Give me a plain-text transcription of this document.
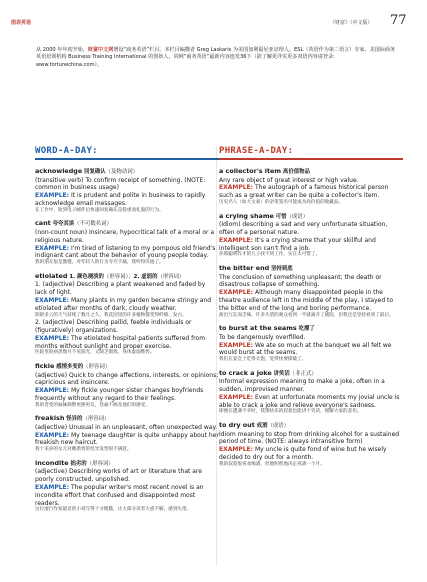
图表英语	《财富》（中文版） 77
从 2000 年年初开始，财富中文网增设“商务英语”栏目。本栏目编撰者 Greg Laskaris 为美国加利福尼亚证理人、ESL（英语作为第二语言）专家、美国际商务英语培训机构 Business Training International 的创始人。同网“商务英语”最新内容连发36下（欲了解更详实更多双语内容请登录: www.fortunechina.com）。
WORD-A-DAY:
acknowledge 回复确认（及物动词）
(transitive verb) To confirm receipt of something. (NOTE: common in business usage)
EXAMPLE: It is prudent and polite in business to rapidly acknowledge email messages.
在工作中，收到电子邮件后快速回复确认是稳重而礼貌的行为。
cant 夸夸其谈（不可数名词）
(non-count noun) Insincere, hypocritical talk of a moral or a religious nature.
EXAMPLE: I'm tired of listening to my pompous old friend's indignant cant about the behavior of young people today.
我的朋友很是傲慢，对年轻人的行为夸夸不漏，我听得厌倦了。
etiolated 1. 颜色褪淡的（形容词）；2. 虚弱的（形容词）
1. (adjective) Describing a plant weakened and faded by lack of light.
EXAMPLE: Many plants in my garden became stringy and etiolated after months of dark, cloudy weather.
阴暗多云的天气持续了数月之久，我花园里的许多植物都变得纤细、发白。
2. (adjective) Describing pallid, feeble individuals or (figuratively) organizations.
EXAMPLE: The etiolated hospital patients suffered from months without sunlight and proper exercise.
医院里的病患数月不见阳光，又缺乏锻炼，身体虚弱憔悴。
fickle 感情多变的（形容词）
(adjective) Quick to change affections, interests, or opinions; capricious and insincere.
EXAMPLE: My fickle younger sister changes boyfriends frequently without any regard to their feelings.
我的善变的妹妹频繁更换男友，丝毫不顾及他们的感受。
freakish 怪异的（形容词）
(adjective) Unusual in an unpleasant, often unexpected way.
EXAMPLE: My teenage daughter is quite unhappy about her freakish new haircut.
我十来岁的女儿对她新剪的怪异发型很不满意。
incondite 拙劣的（形容词）
(adjective) Describing works of art or literature that are poorly constructed, unpolished.
EXAMPLE: The popular writer's most recent novel is an incondite effort that confused and disappointed most readers.
这位流行作家最近的小说写得十分粗糙，让大部分读者大惑不解，感到失望。
PHRASE-A-DAY:
a collector's item 高价值物品
Any rare object of great interest or high value.
EXAMPLE: The autograph of a famous historical person such as a great writer can be quite a collector's item.
历史名人（如大文豪）的亲笔签名可能成为高价值的收藏品。
a crying shame 可惜（成语）
(Idiom) describing a sad and very unfortunate situation, often of a personal nature.
EXAMPLE: It's a crying shame that your skillful and intelligent son can't find a job.
你那聪明有才的儿子找不到工作，实在太可惜了。
the bitter end 坚持到底
The conclusion of something unpleasant; the death or disastrous collapse of something.
EXAMPLE: Although many disappointed people in the theatre audience left in the middle of the play, I stayed to the bitter end of the long and boring performance.
演出冗长而乏味，许多失望的观众看到一半就离开了剧院，但我还是坚持看到了最后。
to burst at the seams 吃撑了
To be dangerously overfilled.
EXAMPLE: We ate so much at the banquet we all felt we would burst at the seams.
我们在宴会上吃得太饱，觉得快要撑破了。
to crack a joke 讲笑话（非正式）
Informal expression meaning to make a joke, often in a sudden, improvised manner.
EXAMPLE: Even at unfortunate moments my jovial uncle is able to crack a joke and relieve everyone's sadness.
即便在遭遇不幸时，我那快乐的叔叔也能讲个笑话，缓解大家的悲伤。
to dry out 戒酒（成语）
Idiom meaning to stop from drinking alcohol for a sustained period of time. (NOTE: always intransitive form)
EXAMPLE: My uncle is quite fond of wine but he wisely decided to dry out for a month.
我的叔叔很喜欢喝酒，但他明智地决定戒酒一个月。
